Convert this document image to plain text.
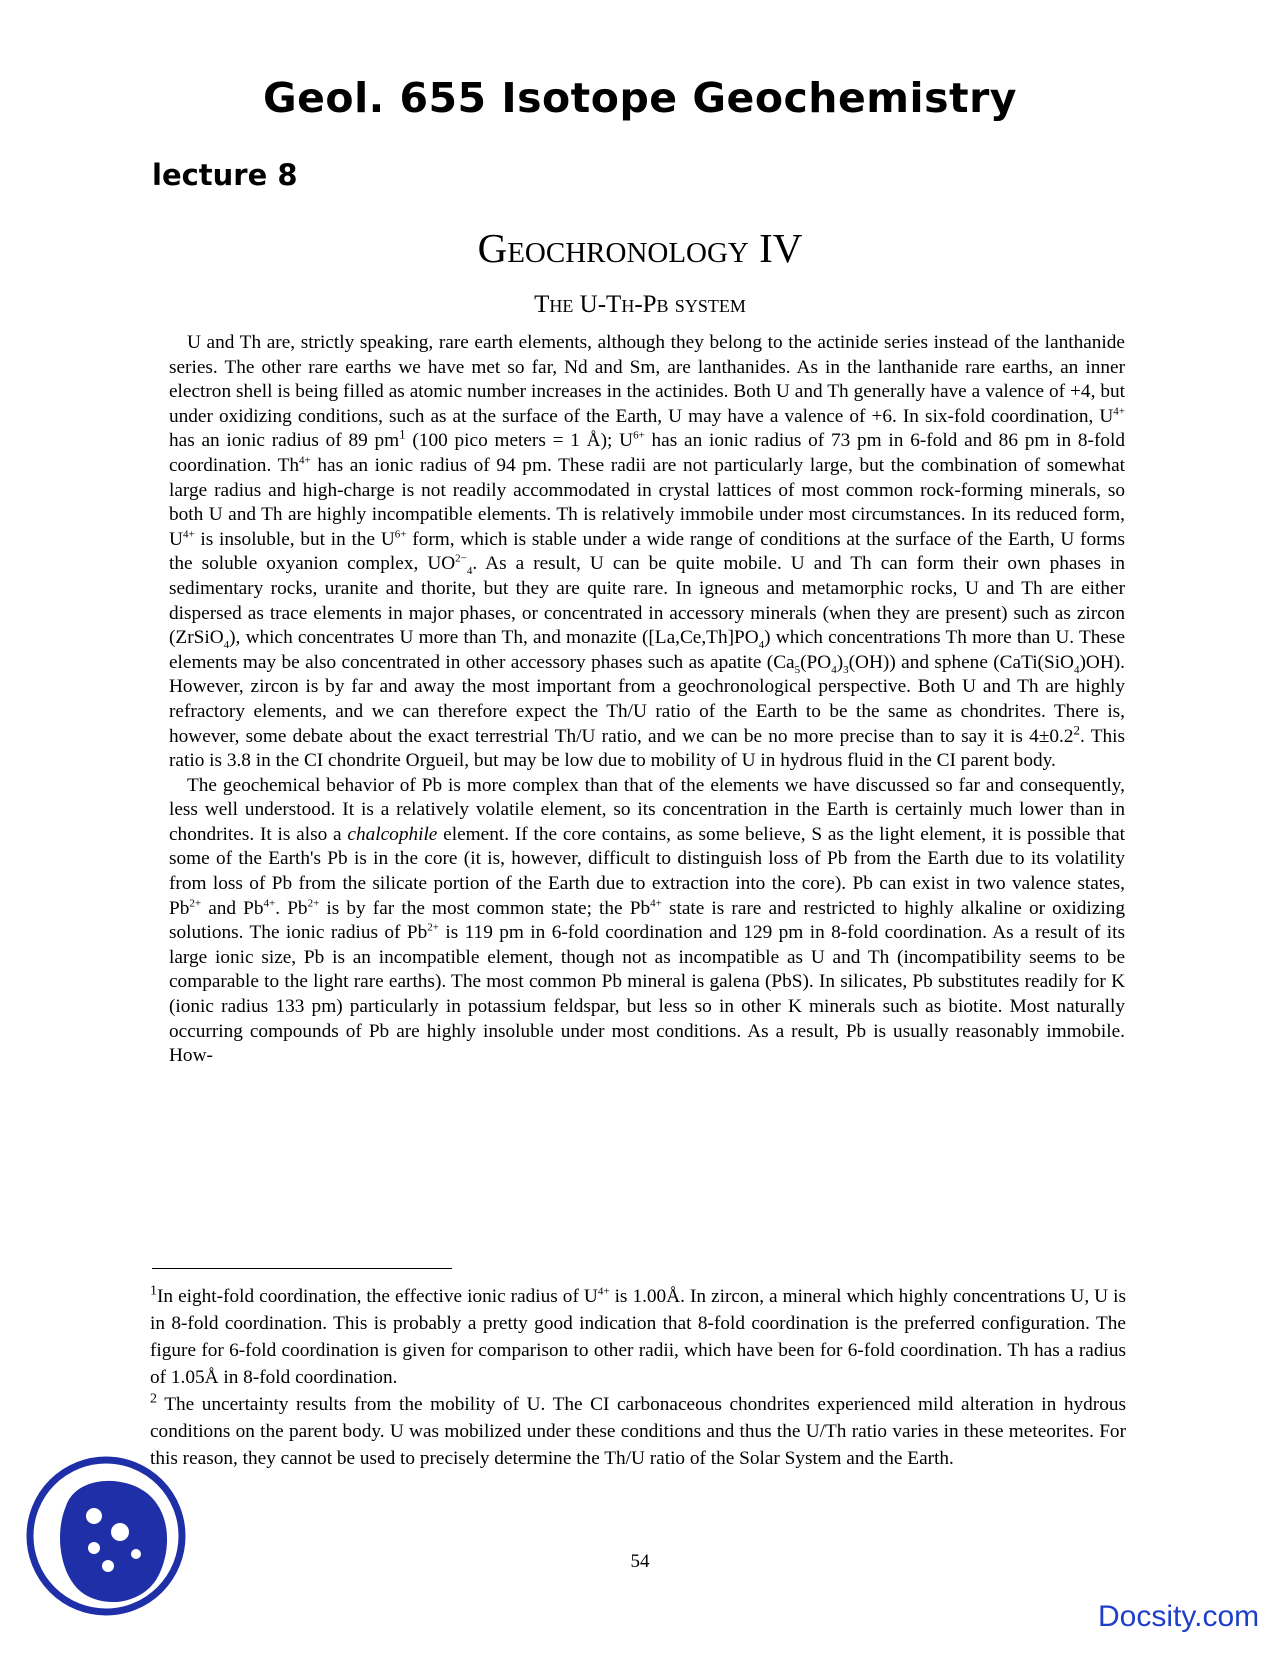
Geol. 655 Isotope Geochemistry
lecture 8
Geochronology IV
The U-Th-Pb system

U and Th are, strictly speaking, rare earth elements, although they belong to the actinide series instead of the lanthanide series. The other rare earths we have met so far, Nd and Sm, are lanthanides. As in the lanthanide rare earths, an inner electron shell is being filled as atomic number increases in the actinides. Both U and Th generally have a valence of +4, but under oxidizing conditions, such as at the surface of the Earth, U may have a valence of +6. In six-fold coordination, $U^{4+}$ has an ionic radius of 89 pm$^1$ (100 pico meters = 1 Å); $U^{6+}$ has an ionic radius of 73 pm in 6-fold and 86 pm in 8-fold coordination. $Th^{4+}$ has an ionic radius of 94 pm. These radii are not particularly large, but the combination of somewhat large radius and high-charge is not readily accommodated in crystal lattices of most common rock-forming minerals, so both U and Th are highly incompatible elements. Th is relatively immobile under most circumstances. In its reduced form, $U^{4+}$ is insoluble, but in the $U^{6+}$ form, which is stable under a wide range of conditions at the surface of the Earth, U forms the soluble oxyanion complex, $UO^{2-}_4$. As a result, U can be quite mobile. U and Th can form their own phases in sedimentary rocks, uranite and thorite, but they are quite rare. In igneous and metamorphic rocks, U and Th are either dispersed as trace elements in major phases, or concentrated in accessory minerals (when they are present) such as zircon (ZrSiO$_4$), which concentrates U more than Th, and monazite $([La,Ce,Th]PO_4)$ which concentrations Th more than U. These elements may be also concentrated in other accessory phases such as apatite $(Ca_5(PO_4)_3(OH))$ and sphene (CaTi(SiO$_4$)OH). However, zircon is by far and away the most important from a geochronological perspective. Both U and Th are highly refractory elements, and we can therefore expect the Th/U ratio of the Earth to be the same as chondrites. There is, however, some debate about the exact terrestrial Th/U ratio, and we can be no more precise than to say it is 4±0.2$^2$. This ratio is 3.8 in the CI chondrite Orgueil, but may be low due to mobility of U in hydrous fluid in the CI parent body.

The geochemical behavior of Pb is more complex than that of the elements we have discussed so far and consequently, less well understood. It is a relatively volatile element, so its concentration in the Earth is certainly much lower than in chondrites. It is also a chalcophile element. If the core contains, as some believe, S as the light element, it is possible that some of the Earth's Pb is in the core (it is, however, difficult to distinguish loss of Pb from the Earth due to its volatility from loss of Pb from the silicate portion of the Earth due to extraction into the core). Pb can exist in two valence states, $Pb^{2+}$ and $Pb^{4+}$. $Pb^{2+}$ is by far the most common state; the $Pb^{4+}$ state is rare and restricted to highly alkaline or oxidizing solutions. The ionic radius of $Pb^{2+}$ is 119 pm in 6-fold coordination and 129 pm in 8-fold coordination. As a result of its large ionic size, Pb is an incompatible element, though not as incompatible as U and Th (incompatibility seems to be comparable to the light rare earths). The most common Pb mineral is galena (PbS). In silicates, Pb substitutes readily for K (ionic radius 133 pm) particularly in potassium feldspar, but less so in other K minerals such as biotite. Most naturally occurring compounds of Pb are highly insoluble under most conditions. As a result, Pb is usually reasonably immobile. How-

$^1$In eight-fold coordination, the effective ionic radius of $U^{4+}$ is 1.00Å. In zircon, a mineral which highly concentrations U, U is in 8-fold coordination. This is probably a pretty good indication that 8-fold coordination is the preferred configuration. The figure for 6-fold coordination is given for comparison to other radii, which have been for 6-fold coordination. Th has a radius of 1.05Å in 8-fold coordination.

$^2$ The uncertainty results from the mobility of U. The CI carbonaceous chondrites experienced mild alteration in hydrous conditions on the parent body. U was mobilized under these conditions and thus the U/Th ratio varies in these meteorites. For this reason, they cannot be used to precisely determine the Th/U ratio of the Solar System and the Earth.

54
Docsity.com
